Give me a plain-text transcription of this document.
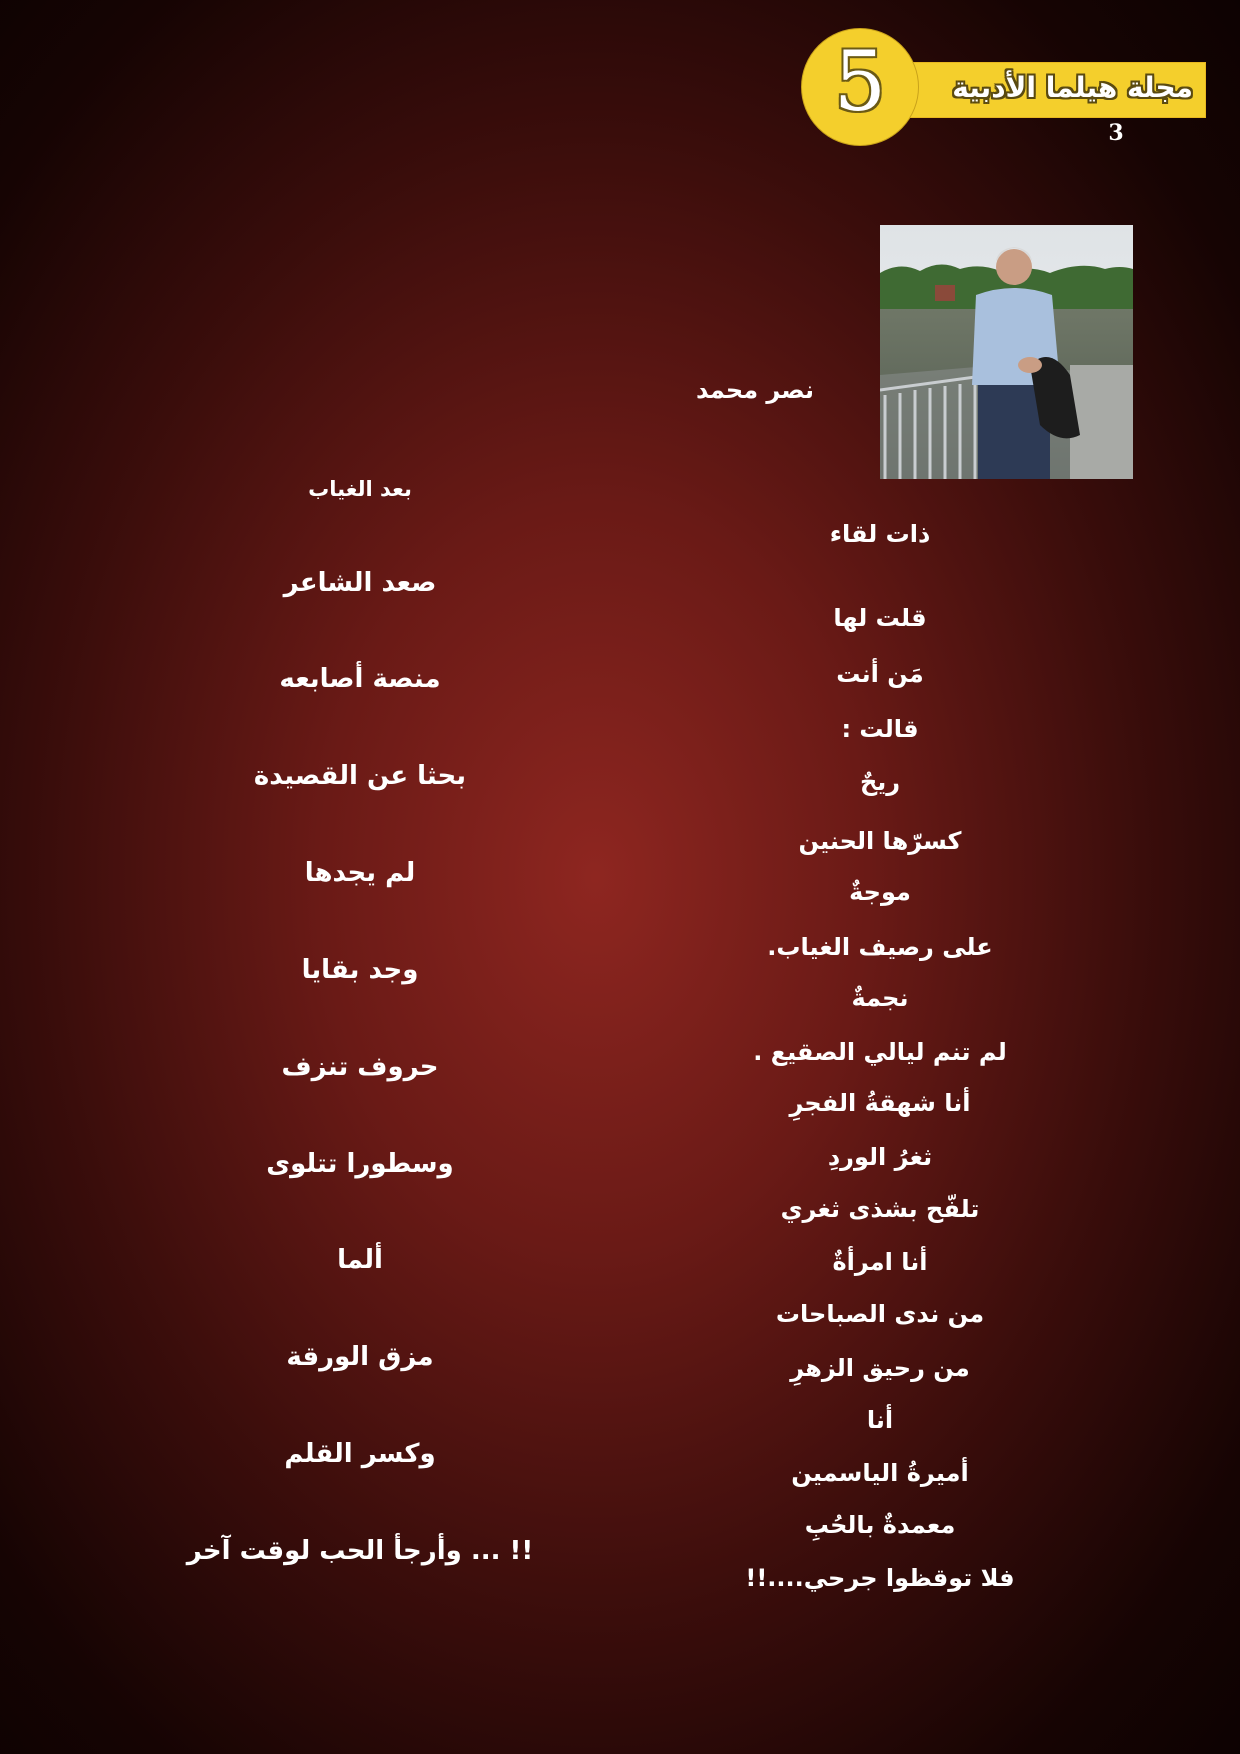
مجلة هيلما الأدبية
5
3
نصر محمد
ذات لقاء
قلت لها
مَن أنت
قالت :
ريحٌ
كسرّها الحنين
موجةٌ
على رصيف الغياب.
نجمةٌ
لم تنم ليالي الصقيع .
أنا شهقةُ الفجرِ
ثغرُ الوردِ
تلفّح بشذى ثغري
أنا امرأةٌ
من ندى الصباحات
من رحيق الزهرِ
أنا
أميرةُ الياسمين
معمدةٌ بالحُبِ
فلا توقظوا جرحي....!!
بعد الغياب
صعد الشاعر
منصة أصابعه
بحثا عن القصيدة
لم يجدها
وجد بقايا
حروف تنزف
وسطورا تتلوى
ألما
مزق الورقة
وكسر القلم
!! ... وأرجأ الحب لوقت آخر
